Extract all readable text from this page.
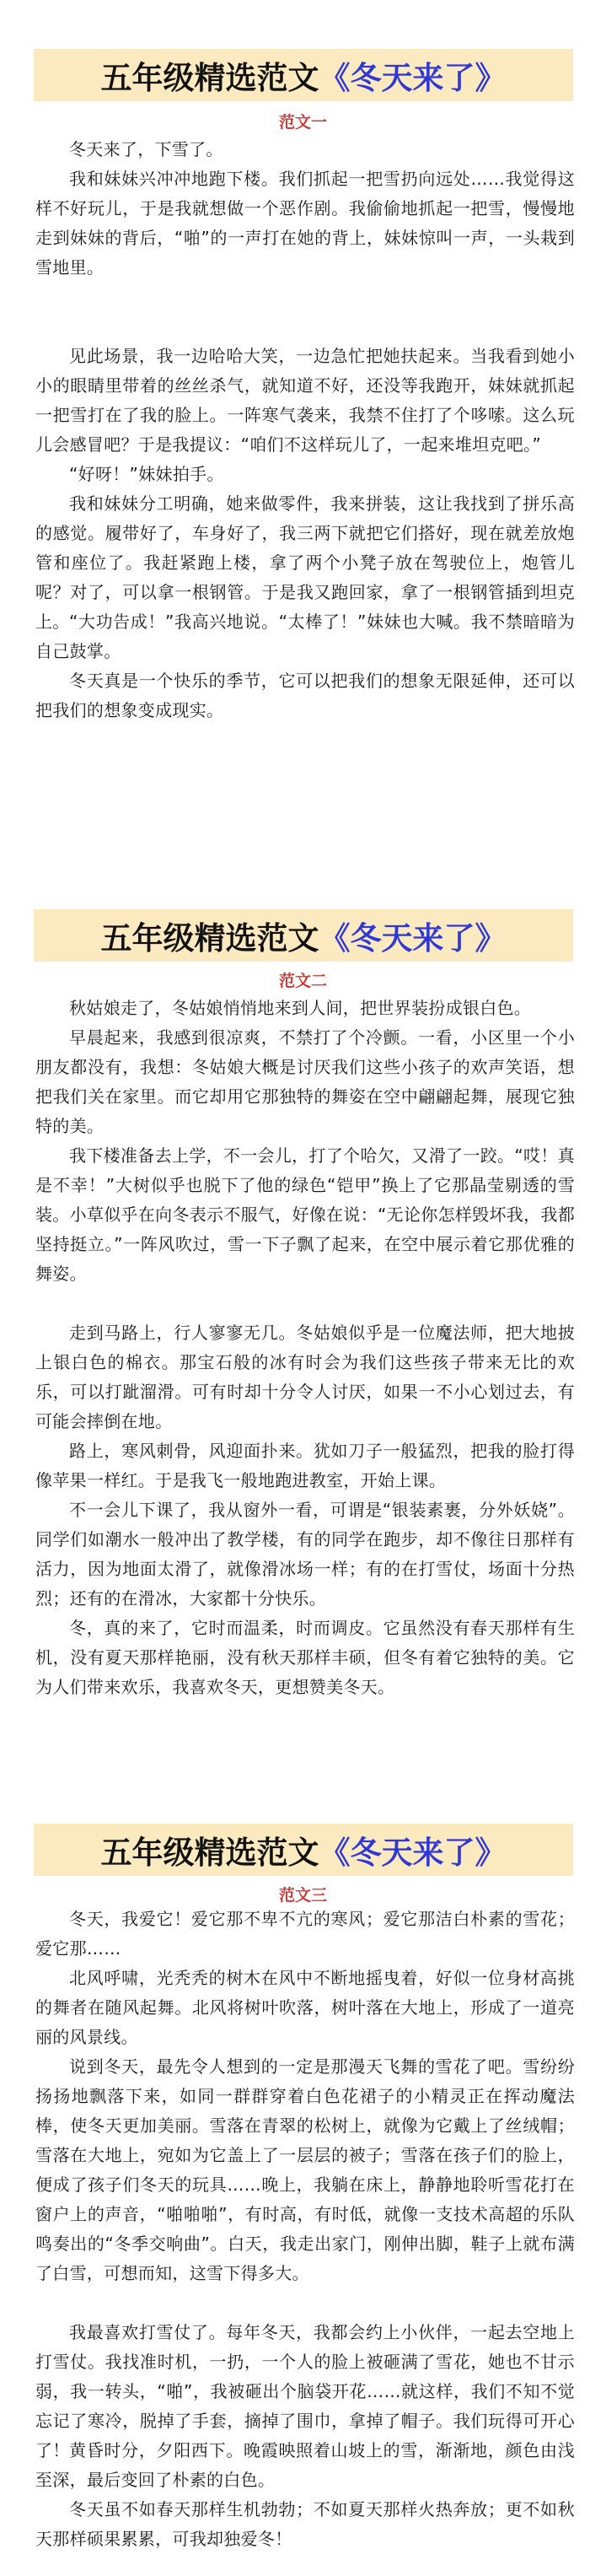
五年级精选范文 《冬天来了》
范文一

冬天来了，下雪了。

我和妹妹兴冲冲地跑下楼。我们抓起一把雪扔向远处……我觉得这样不好玩儿，于是我就想做一个恶作剧。我偷偷地抓起一把雪，慢慢地走到妹妹的背后，“啪”的一声打在她的背上，妹妹惊叫一声，一头栽到雪地里。

见此场景，我一边哈哈大笑，一边急忙把她扶起来。当我看到她小小的眼睛里带着的丝丝杀气，就知道不好，还没等我跑开，妹妹就抓起一把雪打在了我的脸上。一阵寒气袭来，我禁不住打了个哆嗦。这么玩儿会感冒吧？于是我提议：“咱们不这样玩儿了，一起来堆坦克吧。”

“好呀！”妹妹拍手。

我和妹妹分工明确，她来做零件，我来拼装，这让我找到了拼乐高的感觉。履带好了，车身好了，我三两下就把它们搭好，现在就差放炮管和座位了。我赶紧跑上楼，拿了两个小凳子放在驾驶位上，炮管儿呢？对了，可以拿一根钢管。于是我又跑回家，拿了一根钢管插到坦克上。 “大功告成！”我高兴地说。“太棒了！”妹妹也大喊。我不禁暗暗为自己鼓掌。

冬天真是一个快乐的季节，它可以把我们的想象无限延伸，还可以把我们的想象变成现实。

五年级精选范文 《冬天来了》
范文二

秋姑娘走了，冬姑娘悄悄地来到人间，把世界装扮成银白色。

早晨起来，我感到很凉爽，不禁打了个冷颤。一看，小区里一个小朋友都没有，我想：冬姑娘大概是讨厌我们这些小孩子的欢声笑语，想把我们关在家里。而它却用它那独特的舞姿在空中翩翩起舞，展现它独特的美。

我下楼准备去上学，不一会儿，打了个哈欠，又滑了一跤。“哎！真是不幸！”大树似乎也脱下了他的绿色“铠甲”换上了它那晶莹剔透的雪装。小草似乎在向冬表示不服气，好像在说：“无论你怎样毁坏我，我都坚持挺立。”一阵风吹过，雪一下子飘了起来，在空中展示着它那优雅的舞姿。

走到马路上，行人寥寥无几。冬姑娘似乎是一位魔法师，把大地披上银白色的棉衣。那宝石般的冰有时会为我们这些孩子带来无比的欢乐，可以打跐溜滑。可有时却十分令人讨厌，如果一不小心划过去，有可能会摔倒在地。

路上，寒风刺骨，风迎面扑来。犹如刀子一般猛烈，把我的脸打得像苹果一样红。于是我飞一般地跑进教室，开始上课。

不一会儿下课了，我从窗外一看，可谓是“银装素裹，分外妖娆”。同学们如潮水一般冲出了教学楼，有的同学在跑步，却不像往日那样有活力，因为地面太滑了，就像滑冰场一样；有的在打雪仗，场面十分热烈；还有的在滑冰，大家都十分快乐。

冬，真的来了，它时而温柔，时而调皮。它虽然没有春天那样有生机，没有夏天那样艳丽，没有秋天那样丰硕，但冬有着它独特的美。它为人们带来欢乐，我喜欢冬天，更想赞美冬天。

五年级精选范文 《冬天来了》
范文三

冬天，我爱它！爱它那不卑不亢的寒风；爱它那洁白朴素的雪花；爱它那……

北风呼啸，光秃秃的树木在风中不断地摇曳着，好似一位身材高挑的舞者在随风起舞。北风将树叶吹落，树叶落在大地上，形成了一道亮丽的风景线。

说到冬天，最先令人想到的一定是那漫天飞舞的雪花了吧。雪纷纷扬扬地飘落下来，如同一群群穿着白色花裙子的小精灵正在挥动魔法棒，使冬天更加美丽。雪落在青翠的松树上，就像为它戴上了丝绒帽；雪落在大地上，宛如为它盖上了一层层的被子；雪落在孩子们的脸上，便成了孩子们冬天的玩具……晚上，我躺在床上，静静地聆听雪花打在窗户上的声音，“啪啪啪”，有时高，有时低，就像一支技术高超的乐队鸣奏出的“冬季交响曲”。白天，我走出家门，刚伸出脚，鞋子上就布满了白雪，可想而知，这雪下得多大。

我最喜欢打雪仗了。每年冬天，我都会约上小伙伴，一起去空地上打雪仗。我找准时机，一扔，一个人的脸上被砸满了雪花，她也不甘示弱，我一转头，“啪”，我被砸出个脑袋开花……就这样，我们不知不觉忘记了寒冷，脱掉了手套，摘掉了围巾，拿掉了帽子。我们玩得可开心了！ 黄昏时分，夕阳西下。晚霞映照着山坡上的雪，渐渐地，颜色由浅至深，最后变回了朴素的白色。

冬天虽不如春天那样生机勃勃；不如夏天那样火热奔放；更不如秋天那样硕果累累，可我却独爱冬！
